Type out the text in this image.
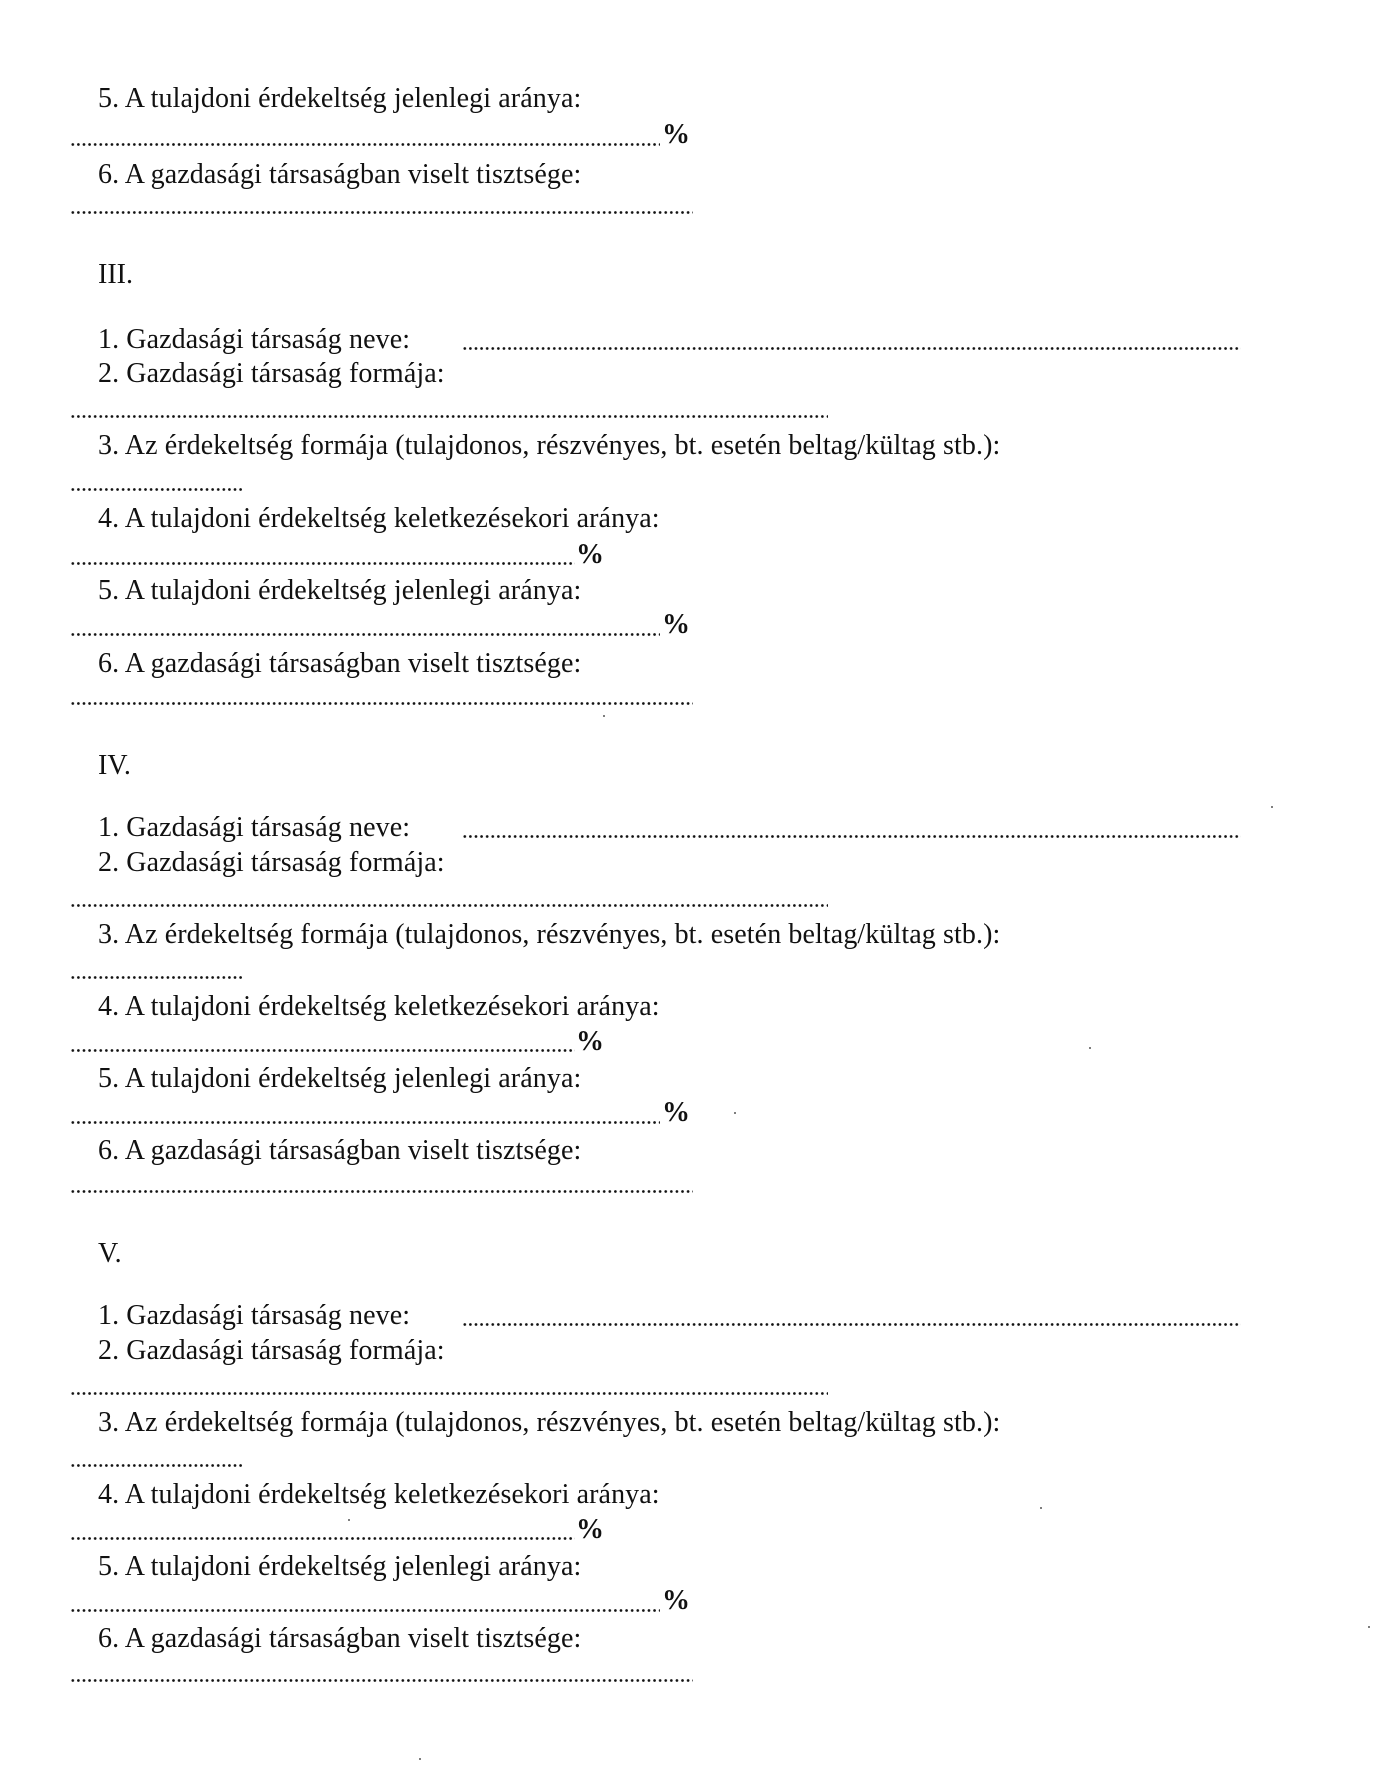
5. A tulajdoni érdekeltség jelenlegi aránya:
%
6. A gazdasági társaságban viselt tisztsége:
III.
1. Gazdasági társaság neve:
2. Gazdasági társaság formája:
3. Az érdekeltség formája (tulajdonos, részvényes, bt. esetén beltag/kültag stb.):
4. A tulajdoni érdekeltség keletkezésekori aránya:
%
5. A tulajdoni érdekeltség jelenlegi aránya:
%
6. A gazdasági társaságban viselt tisztsége:
IV.
1. Gazdasági társaság neve:
2. Gazdasági társaság formája:
3. Az érdekeltség formája (tulajdonos, részvényes, bt. esetén beltag/kültag stb.):
4. A tulajdoni érdekeltség keletkezésekori aránya:
%
5. A tulajdoni érdekeltség jelenlegi aránya:
%
6. A gazdasági társaságban viselt tisztsége:
V.
1. Gazdasági társaság neve:
2. Gazdasági társaság formája:
3. Az érdekeltség formája (tulajdonos, részvényes, bt. esetén beltag/kültag stb.):
4. A tulajdoni érdekeltség keletkezésekori aránya:
%
5. A tulajdoni érdekeltség jelenlegi aránya:
%
6. A gazdasági társaságban viselt tisztsége:
